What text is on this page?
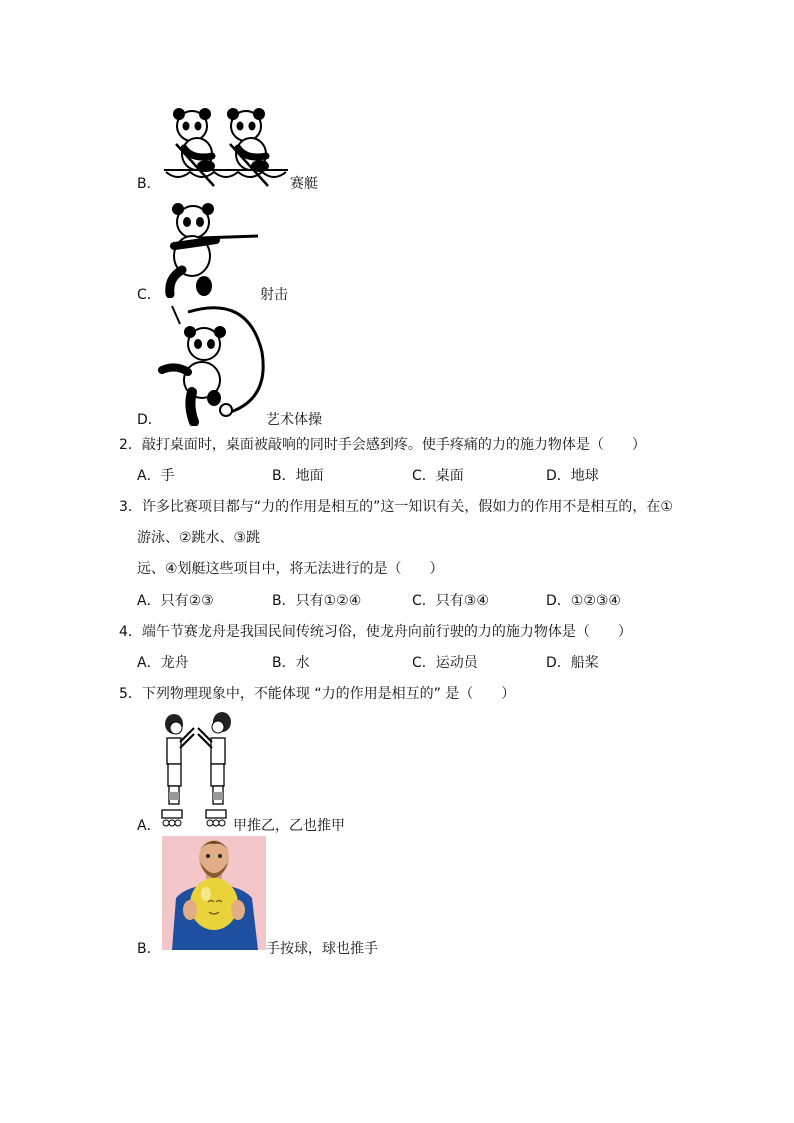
B．	赛艇
C．	射击
D．	艺术体操
2．敲打桌面时，桌面被敲响的同时手会感到疼。使手疼痛的力的施力物体是（　　）
A．手	B．地面	C．桌面	D．地球
3．许多比赛项目都与“力的作用是相互的”这一知识有关，假如力的作用不是相互的，在①
游泳、②跳水、③跳
远、④划艇这些项目中，将无法进行的是（　　）
A．只有②③	B．只有①②④	C．只有③④	D．①②③④
4．端午节赛龙舟是我国民间传统习俗，使龙舟向前行驶的力的施力物体是（　　）
A．龙舟	B．水	C．运动员	D．船桨
5．下列物理现象中，不能体现 “力的作用是相互的” 是（　　）
A．	甲推乙，乙也推甲
B．	手按球，球也推手
